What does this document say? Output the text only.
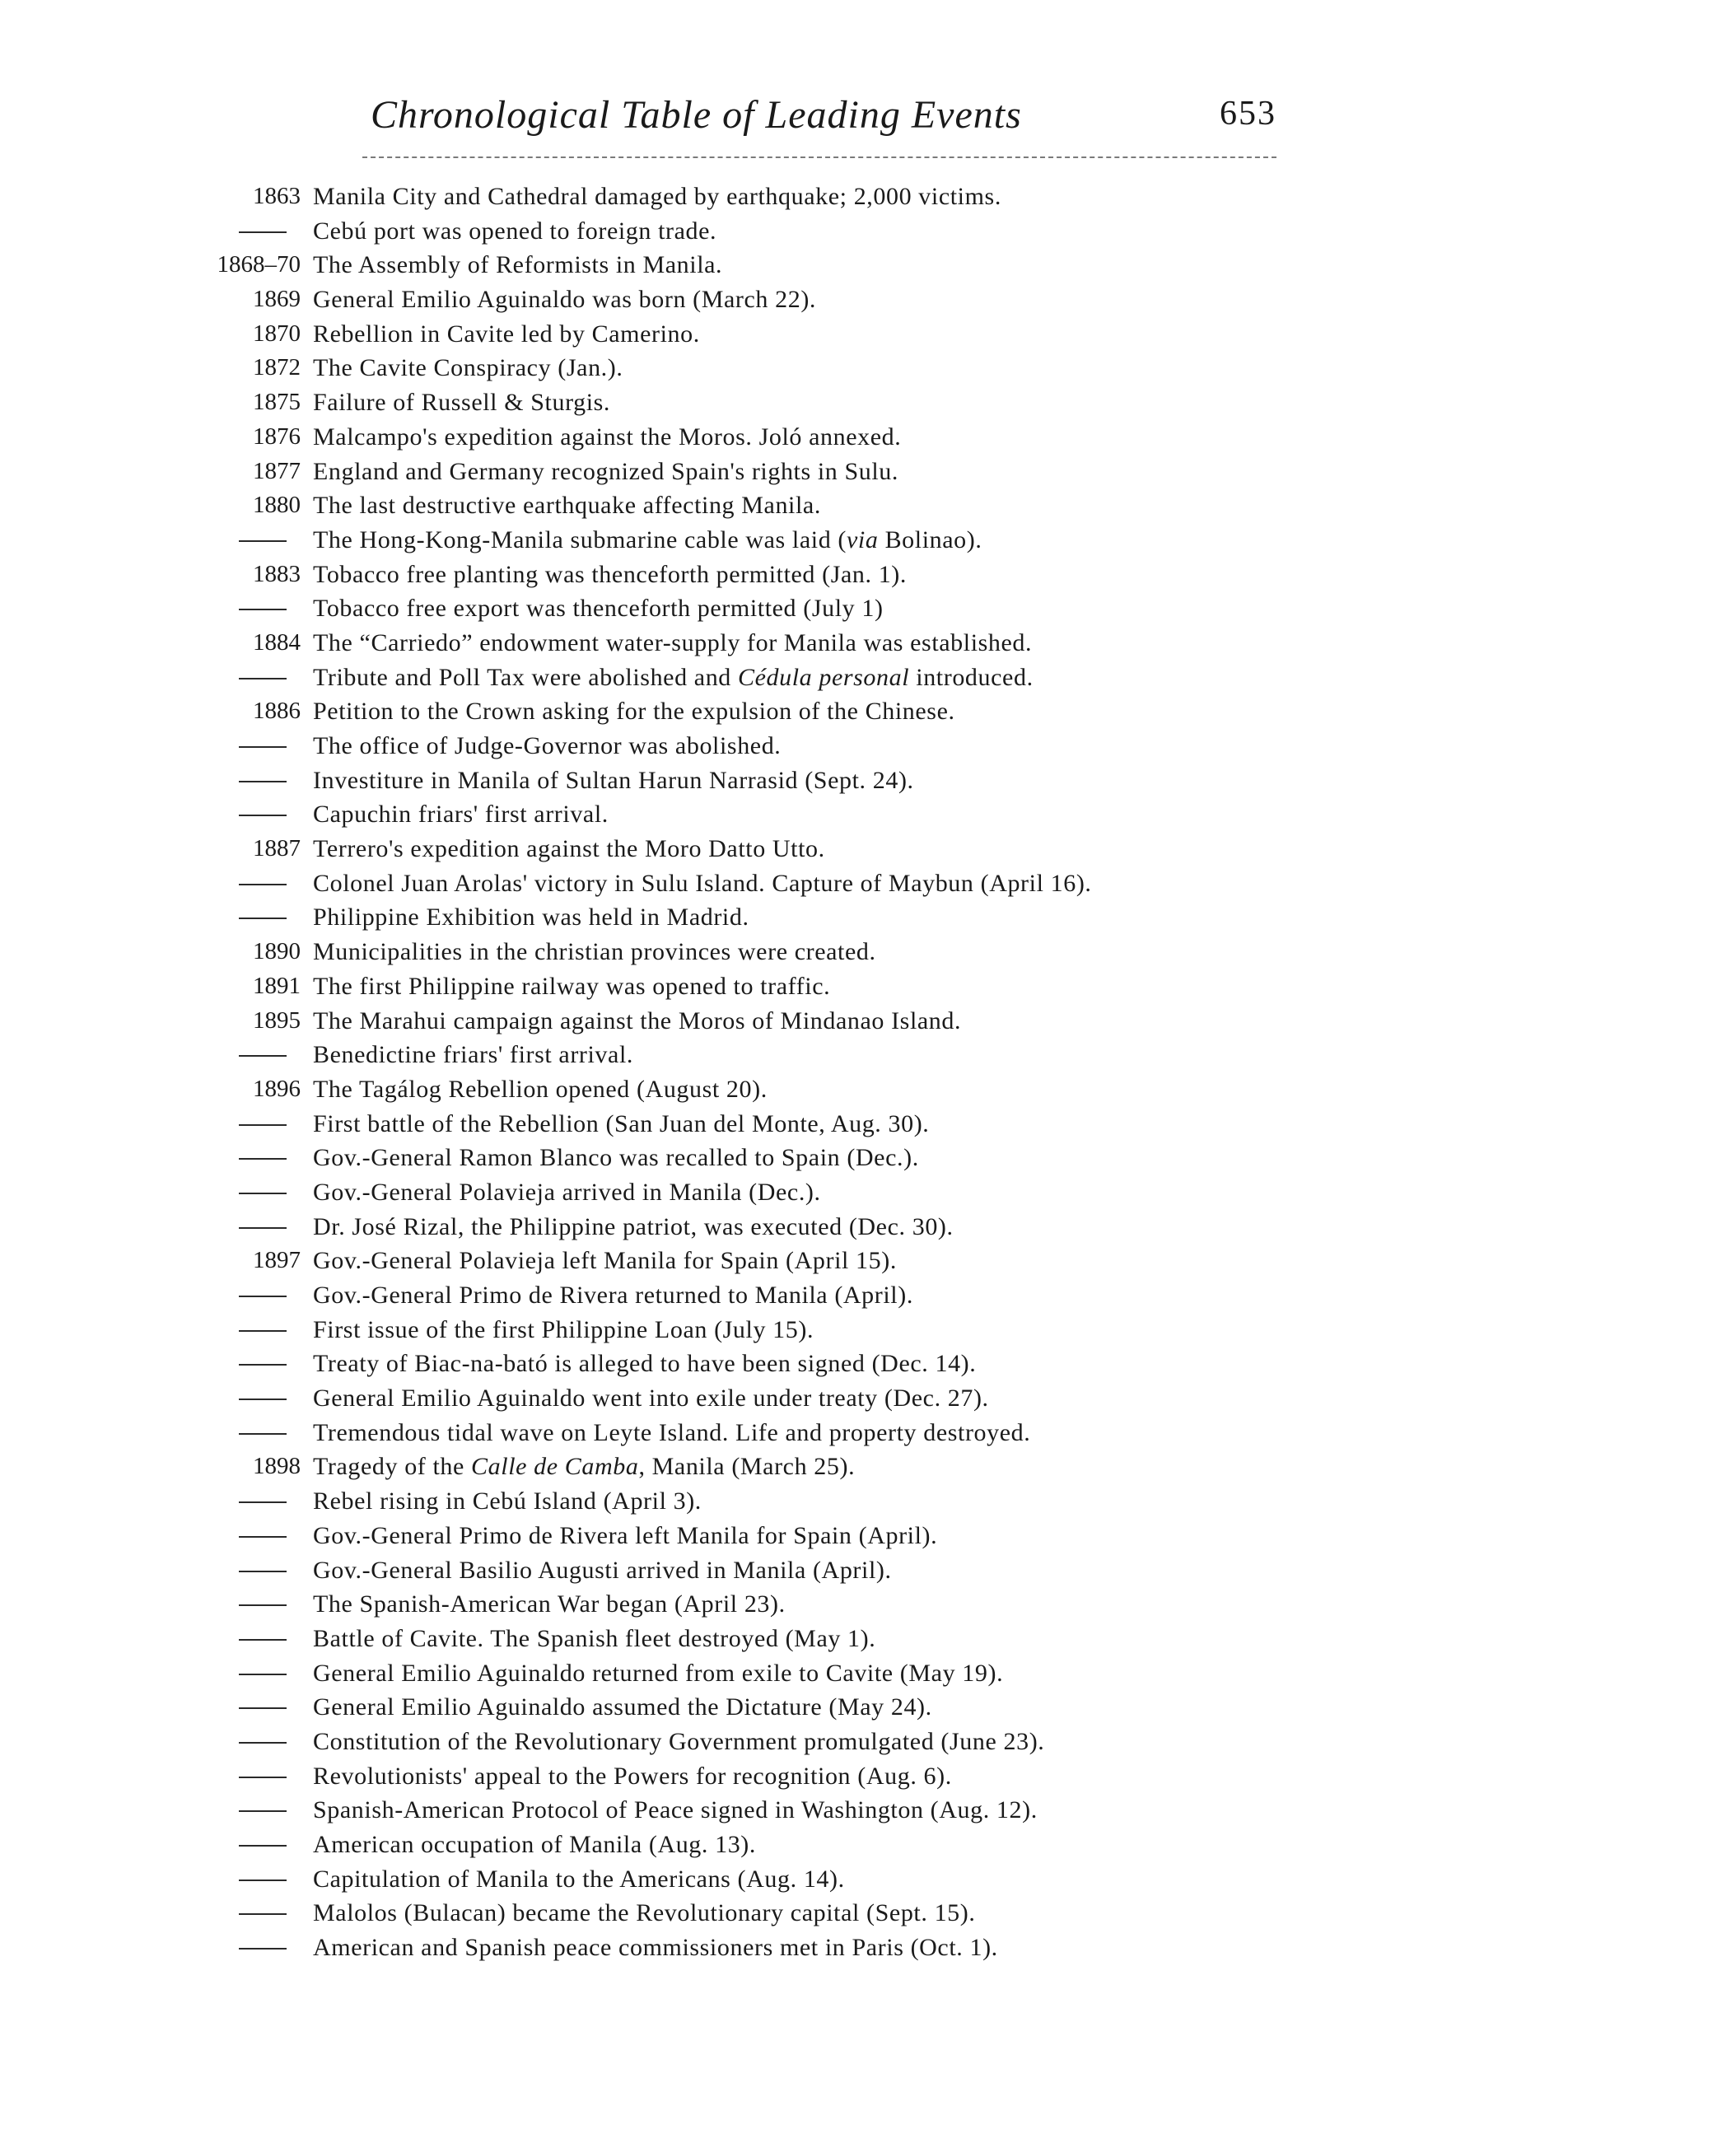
Chronological Table of Leading Events	653
1863 Manila City and Cathedral damaged by earthquake; 2,000 victims.
Cebú port was opened to foreign trade.
1868–70 The Assembly of Reformists in Manila.
1869 General Emilio Aguinaldo was born (March 22).
1870 Rebellion in Cavite led by Camerino.
1872 The Cavite Conspiracy (Jan.).
1875 Failure of Russell & Sturgis.
1876 Malcampo's expedition against the Moros. Joló annexed.
1877 England and Germany recognized Spain's rights in Sulu.
1880 The last destructive earthquake affecting Manila.
The Hong-Kong-Manila submarine cable was laid (via Bolinao).
1883 Tobacco free planting was thenceforth permitted (Jan. 1).
Tobacco free export was thenceforth permitted (July 1)
1884 The “Carriedo” endowment water-supply for Manila was established.
Tribute and Poll Tax were abolished and Cédula personal introduced.
1886 Petition to the Crown asking for the expulsion of the Chinese.
The office of Judge-Governor was abolished.
Investiture in Manila of Sultan Harun Narrasid (Sept. 24).
Capuchin friars' first arrival.
1887 Terrero's expedition against the Moro Datto Utto.
Colonel Juan Arolas' victory in Sulu Island. Capture of Maybun (April 16).
Philippine Exhibition was held in Madrid.
1890 Municipalities in the christian provinces were created.
1891 The first Philippine railway was opened to traffic.
1895 The Marahui campaign against the Moros of Mindanao Island.
Benedictine friars' first arrival.
1896 The Tagálog Rebellion opened (August 20).
First battle of the Rebellion (San Juan del Monte, Aug. 30).
Gov.-General Ramon Blanco was recalled to Spain (Dec.).
Gov.-General Polavieja arrived in Manila (Dec.).
Dr. José Rizal, the Philippine patriot, was executed (Dec. 30).
1897 Gov.-General Polavieja left Manila for Spain (April 15).
Gov.-General Primo de Rivera returned to Manila (April).
First issue of the first Philippine Loan (July 15).
Treaty of Biac-na-bató is alleged to have been signed (Dec. 14).
General Emilio Aguinaldo went into exile under treaty (Dec. 27).
Tremendous tidal wave on Leyte Island. Life and property destroyed.
1898 Tragedy of the Calle de Camba, Manila (March 25).
Rebel rising in Cebú Island (April 3).
Gov.-General Primo de Rivera left Manila for Spain (April).
Gov.-General Basilio Augusti arrived in Manila (April).
The Spanish-American War began (April 23).
Battle of Cavite. The Spanish fleet destroyed (May 1).
General Emilio Aguinaldo returned from exile to Cavite (May 19).
General Emilio Aguinaldo assumed the Dictature (May 24).
Constitution of the Revolutionary Government promulgated (June 23).
Revolutionists' appeal to the Powers for recognition (Aug. 6).
Spanish-American Protocol of Peace signed in Washington (Aug. 12).
American occupation of Manila (Aug. 13).
Capitulation of Manila to the Americans (Aug. 14).
Malolos (Bulacan) became the Revolutionary capital (Sept. 15).
American and Spanish peace commissioners met in Paris (Oct. 1).
